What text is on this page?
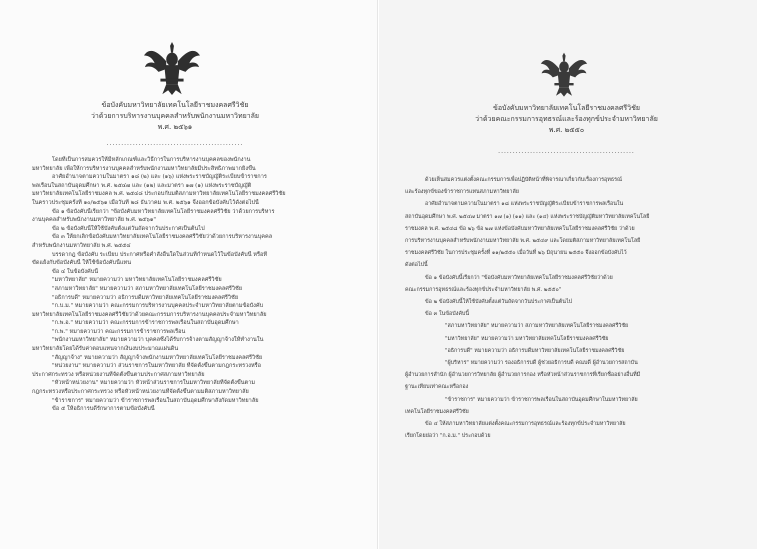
ข้อบังคับมหาวิทยาลัยเทคโนโลยีราชมงคลศรีวิชัย
ว่าด้วยการบริหารงานบุคคลสำหรับพนักงานมหาวิทยาลัย
พ.ศ. ๒๕๖๑
...............................................
โดยที่เป็นการสมควรให้มีหลักเกณฑ์และวิธีการในการบริหารงานบุคคลของพนักงาน
มหาวิทยาลัย เพื่อให้การบริหารงานบุคคลสำหรับพนักงานมหาวิทยาลัยมีประสิทธิภาพมากยิ่งขึ้น
อาศัยอำนาจตามความในมาตรา ๑๘ (๒) และ (๑๖) แห่งพระราชบัญญัติระเบียบข้าราชการ
พลเรือนในสถาบันอุดมศึกษา พ.ศ. ๒๕๔๗ และ (๑๒) และมาตรา ๑๗ (๑) แห่งพระราชบัญญัติ
มหาวิทยาลัยเทคโนโลยีราชมงคล พ.ศ. ๒๕๔๘ ประกอบกับมติสภามหาวิทยาลัยเทคโนโลยีราชมงคลศรีวิชัย
ในคราวประชุมครั้งที่ ๑๐/๒๕๖๑ เมื่อวันที่ ๒๘ ธันวาคม พ.ศ. ๒๕๖๑ จึงออกข้อบังคับไว้ดังต่อไปนี้
ข้อ ๑ ข้อบังคับนี้เรียกว่า "ข้อบังคับมหาวิทยาลัยเทคโนโลยีราชมงคลศรีวิชัย ว่าด้วยการบริหาร
งานบุคคลสำหรับพนักงานมหาวิทยาลัย พ.ศ. ๒๕๖๑"
ข้อ ๒ ข้อบังคับนี้ให้ใช้บังคับตั้งแต่วันถัดจากวันประกาศเป็นต้นไป
ข้อ ๓ ให้ยกเลิกข้อบังคับมหาวิทยาลัยเทคโนโลยีราชมงคลศรีวิชัยว่าด้วยการบริหารงานบุคคล
สำหรับพนักงานมหาวิทยาลัย พ.ศ. ๒๕๕๔
บรรดากฎ ข้อบังคับ ระเบียบ ประกาศหรือคำสั่งอื่นใดในส่วนที่กำหนดไว้ในข้อบังคับนี้ หรือที่
ขัดแย้งกับข้อบังคับนี้ ให้ใช้ข้อบังคับนี้แทน
ข้อ ๔ ในข้อบังคับนี้
"มหาวิทยาลัย" หมายความว่า มหาวิทยาลัยเทคโนโลยีราชมงคลศรีวิชัย
"สภามหาวิทยาลัย" หมายความว่า สภามหาวิทยาลัยเทคโนโลยีราชมงคลศรีวิชัย
"อธิการบดี" หมายความว่า อธิการบดีมหาวิทยาลัยเทคโนโลยีราชมงคลศรีวิชัย
"ก.บ.ม." หมายความว่า คณะกรรมการบริหารงานบุคคลประจำมหาวิทยาลัยตามข้อบังคับ
มหาวิทยาลัยเทคโนโลยีราชมงคลศรีวิชัยว่าด้วยคณะกรรมการบริหารงานบุคคลประจำมหาวิทยาลัย
"ก.พ.อ." หมายความว่า คณะกรรมการข้าราชการพลเรือนในสถาบันอุดมศึกษา
"ก.พ." หมายความว่า คณะกรรมการข้าราชการพลเรือน
"พนักงานมหาวิทยาลัย" หมายความว่า บุคคลซึ่งได้รับการจ้างตามสัญญาจ้างให้ทำงานใน
มหาวิทยาลัยโดยได้รับค่าตอบแทนจากเงินงบประมาณแผ่นดิน
"สัญญาจ้าง" หมายความว่า สัญญาจ้างพนักงานมหาวิทยาลัยเทคโนโลยีราชมงคลศรีวิชัย
"หน่วยงาน" หมายความว่า ส่วนราชการในมหาวิทยาลัย ที่จัดตั้งขึ้นตามกฎกระทรวงหรือ
ประกาศกระทรวง หรือหน่วยงานที่จัดตั้งขึ้นตามประกาศสภามหาวิทยาลัย
"หัวหน้าหน่วยงาน" หมายความว่า หัวหน้าส่วนราชการในมหาวิทยาลัยที่จัดตั้งขึ้นตาม
กฎกระทรวงหรือประกาศกระทรวง หรือหัวหน้าหน่วยงานที่จัดตั้งขึ้นตามมติสภามหาวิทยาลัย
"ข้าราชการ" หมายความว่า ข้าราชการพลเรือนในสถาบันอุดมศึกษาสังกัดมหาวิทยาลัย
ข้อ ๕ ให้อธิการบดีรักษาการตามข้อบังคับนี้
ข้อบังคับมหาวิทยาลัยเทคโนโลยีราชมงคลศรีวิชัย
ว่าด้วยคณะกรรมการอุทธรณ์และร้องทุกข์ประจำมหาวิทยาลัย
พ.ศ. ๒๕๕๐
...............................................
ด้วยเห็นสมควรแต่งตั้งคณะกรรมการเพื่อปฏิบัติหน้าที่พิจารณาเกี่ยวกับเรื่องการอุทธรณ์
และร้องทุกข์ของข้าราชการแทนสภามหาวิทยาลัย
อาศัยอำนาจตามความในมาตรา ๑๘ แห่งพระราชบัญญัติระเบียบข้าราชการพลเรือนใน
สถาบันอุดมศึกษา พ.ศ. ๒๕๔๗ มาตรา ๑๗ (๑) (๑๑) และ (๑๔) แห่งพระราชบัญญัติมหาวิทยาลัยเทคโนโลยี
ราชมงคล พ.ศ. ๒๕๔๘ ข้อ ๒๖ ข้อ ๒๗ แห่งข้อบังคับมหาวิทยาลัยเทคโนโลยีราชมงคลศรีวิชัย ว่าด้วย
การบริหารงานบุคคลสำหรับพนักงานมหาวิทยาลัย พ.ศ. ๒๕๔๙ และโดยมติสภามหาวิทยาลัยเทคโนโลยี
ราชมงคลศรีวิชัย ในการประชุมครั้งที่ ๑๑/๒๕๕๐ เมื่อวันที่ ๒๖ มิถุนายน ๒๕๕๐ จึงออกข้อบังคับไว้
ดังต่อไปนี้
ข้อ ๑ ข้อบังคับนี้เรียกว่า "ข้อบังคับมหาวิทยาลัยเทคโนโลยีราชมงคลศรีวิชัยว่าด้วย
คณะกรรมการอุทธรณ์และร้องทุกข์ประจำมหาวิทยาลัย พ.ศ. ๒๕๕๐"
ข้อ ๒ ข้อบังคับนี้ให้ใช้บังคับตั้งแต่วันถัดจากวันประกาศเป็นต้นไป
ข้อ ๓ ในข้อบังคับนี้
"สภามหาวิทยาลัย" หมายความว่า สภามหาวิทยาลัยเทคโนโลยีราชมงคลศรีวิชัย
"มหาวิทยาลัย" หมายความว่า มหาวิทยาลัยเทคโนโลยีราชมงคลศรีวิชัย
"อธิการบดี" หมายความว่า อธิการบดีมหาวิทยาลัยเทคโนโลยีราชมงคลศรีวิชัย
"ผู้บริหาร" หมายความว่า รองอธิการบดี ผู้ช่วยอธิการบดี คณบดี ผู้อำนวยการสถาบัน
ผู้อำนวยการสำนัก ผู้อำนวยการวิทยาลัย ผู้อำนวยการกอง หรือหัวหน้าส่วนราชการที่เรียกชื่ออย่างอื่นที่มี
ฐานะเทียบเท่าคณะหรือกอง
"ข้าราชการ" หมายความว่า ข้าราชการพลเรือนในสถาบันอุดมศึกษาในมหาวิทยาลัย
เทคโนโลยีราชมงคลศรีวิชัย
ข้อ ๔ ให้สภามหาวิทยาลัยแต่งตั้งคณะกรรมการอุทธรณ์และร้องทุกข์ประจำมหาวิทยาลัย
เรียกโดยย่อว่า "ก.อ.ม." ประกอบด้วย
